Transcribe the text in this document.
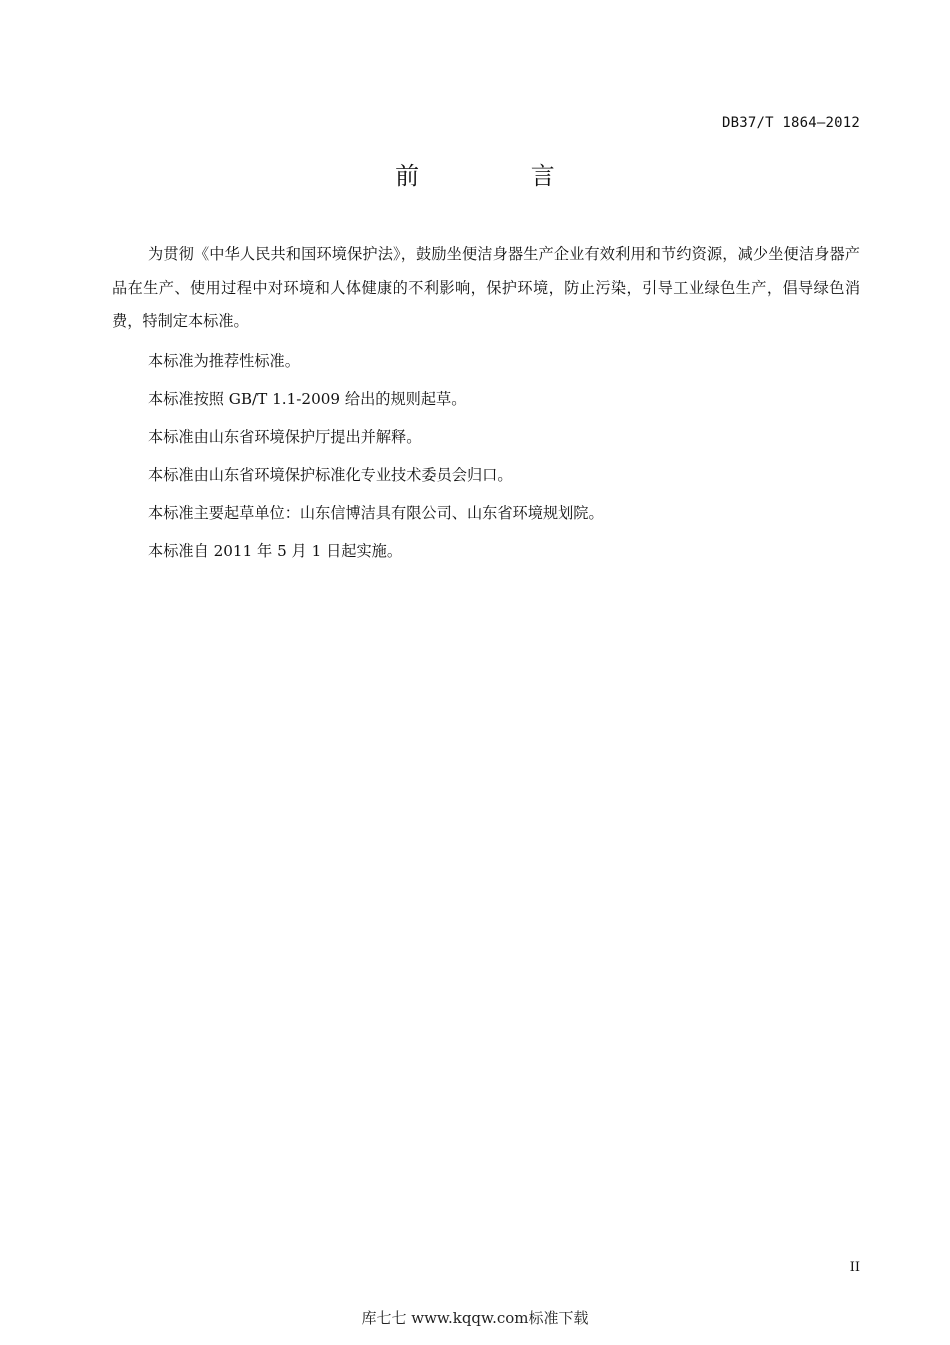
DB37/T 1864—2012
前 言

为贯彻《中华人民共和国环境保护法》，鼓励坐便洁身器生产企业有效利用和节约资源，减少坐便洁身器产品在生产、使用过程中对环境和人体健康的不利影响，保护环境，防止污染，引导工业绿色生产，倡导绿色消费，特制定本标准。

本标准为推荐性标准。

本标准按照 GB/T 1.1-2009 给出的规则起草。

本标准由山东省环境保护厅提出并解释。

本标准由山东省环境保护标准化专业技术委员会归口。

本标准主要起草单位：山东信博洁具有限公司、山东省环境规划院。

本标准自 2011 年 5 月 1 日起实施。

II
库七七 www.kqqw.com标准下载
